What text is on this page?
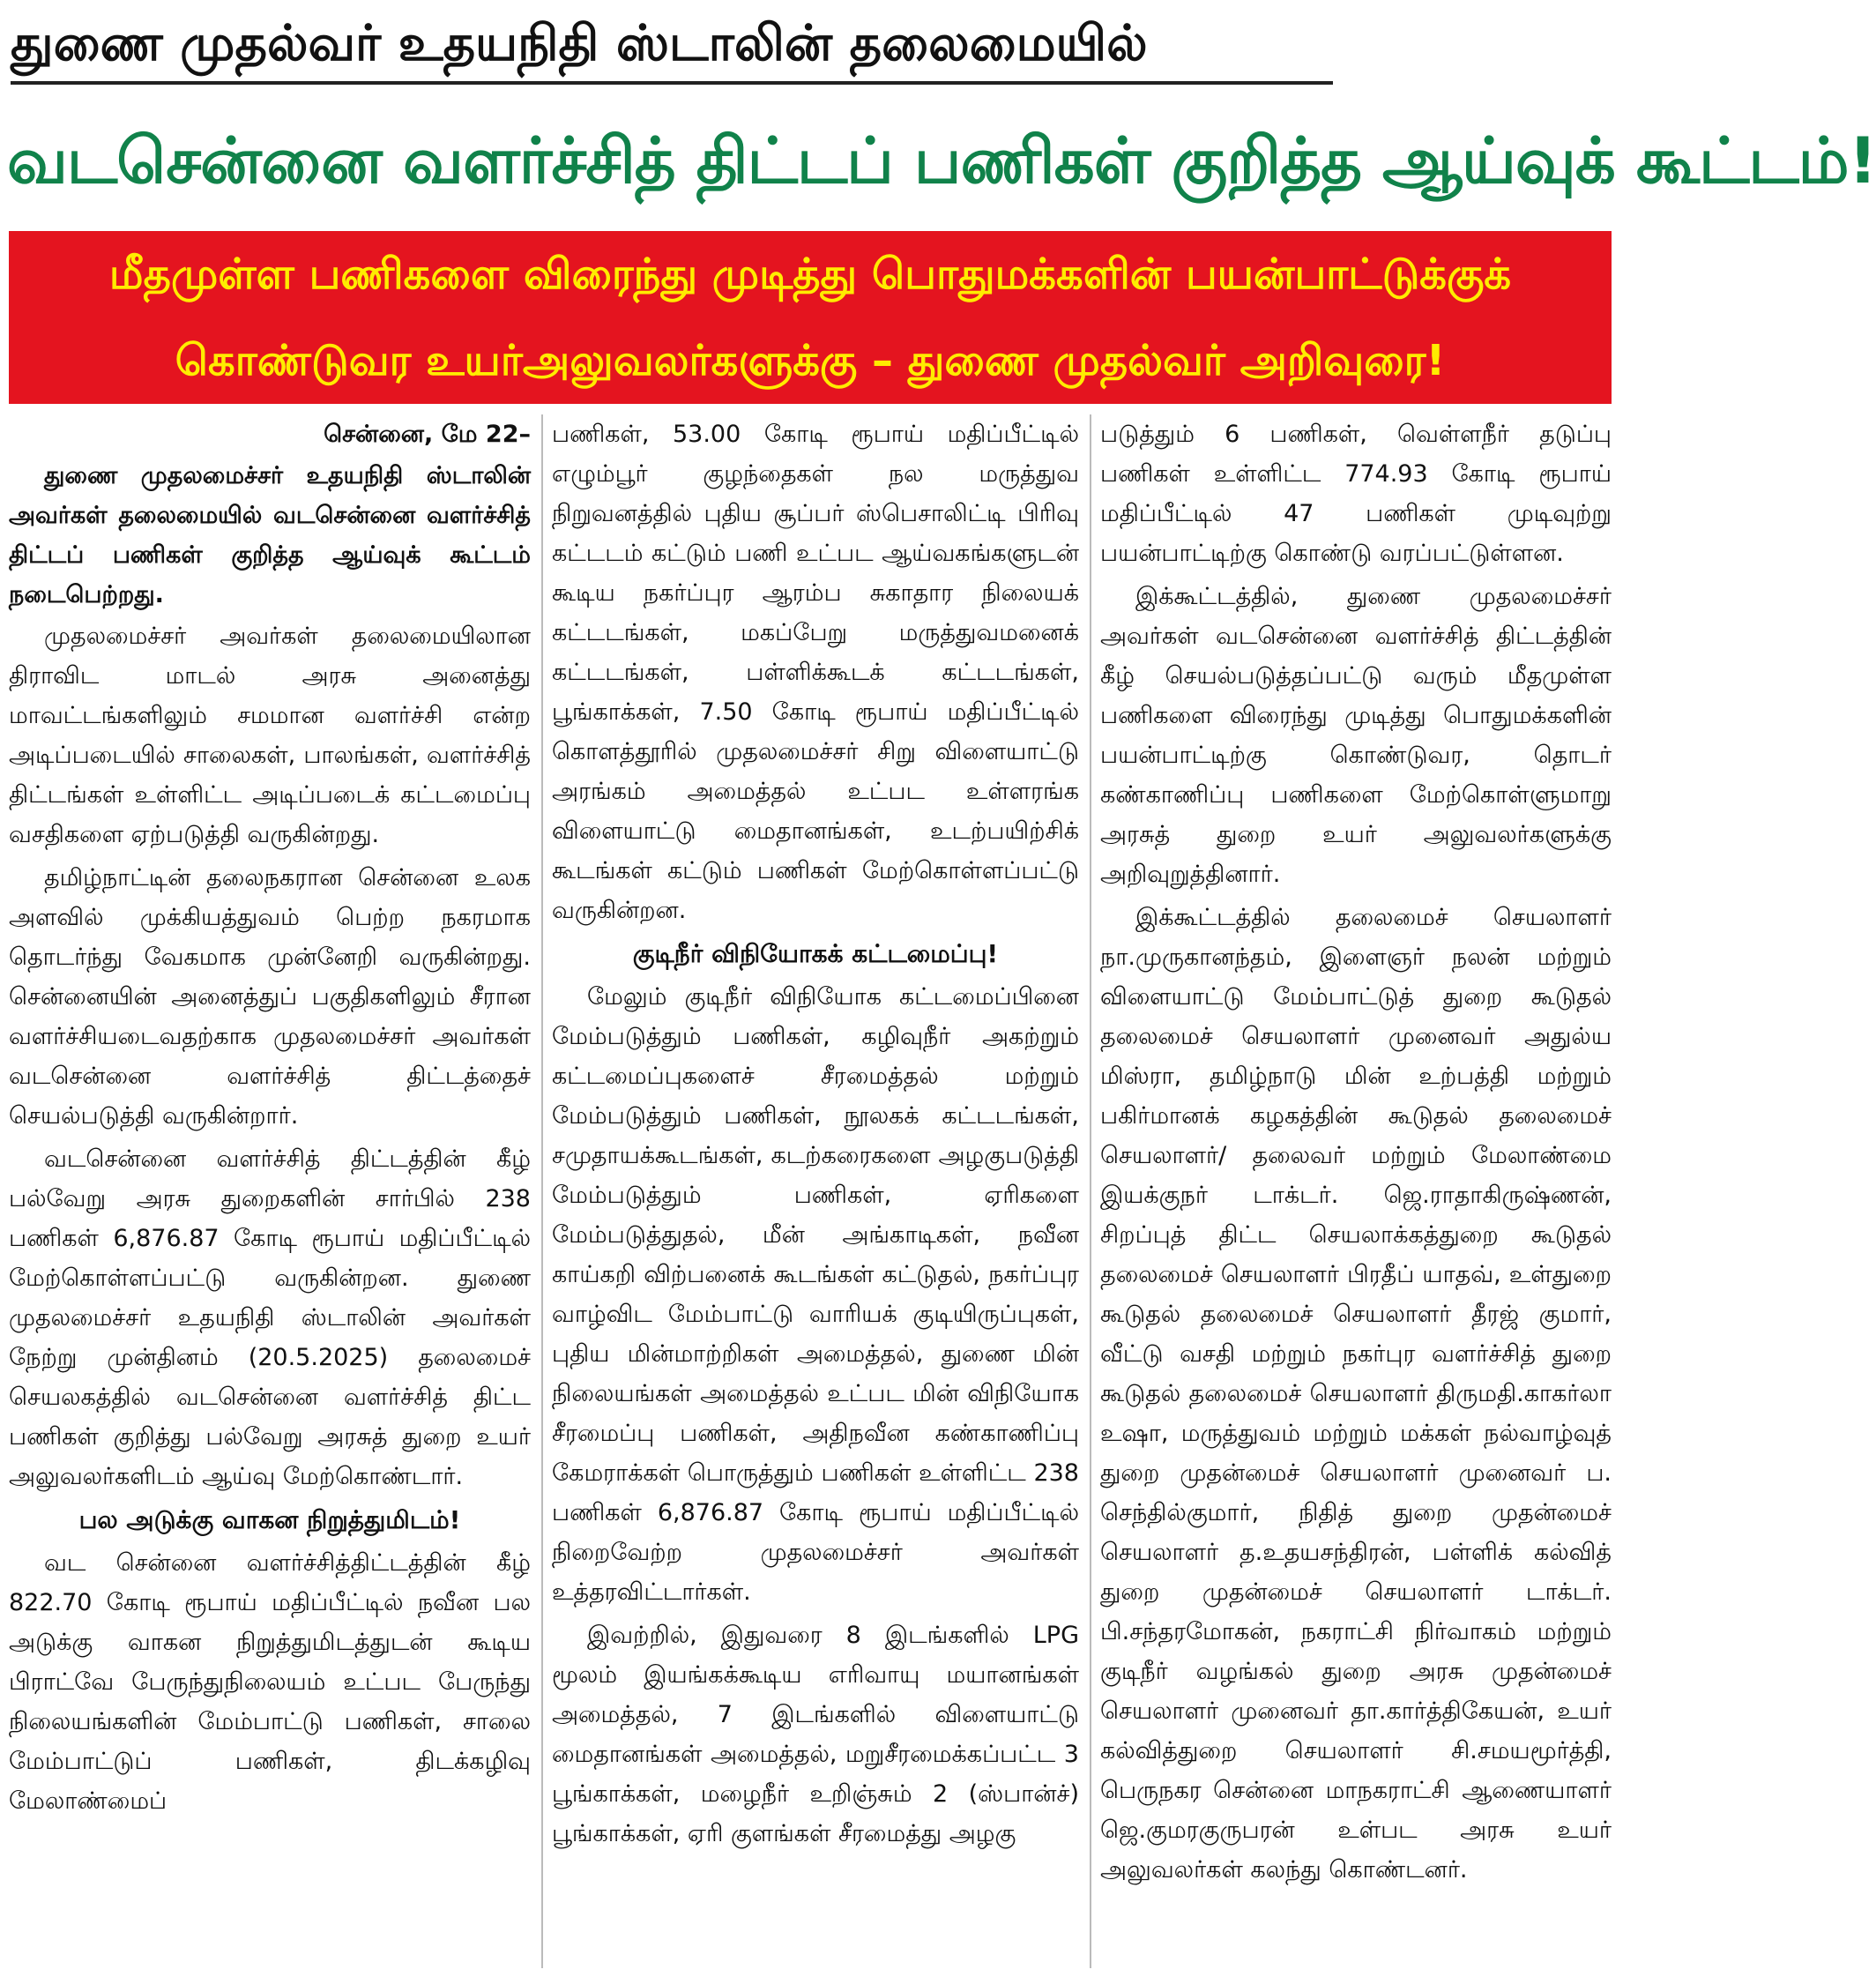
துணை முதல்வர் உதயநிதி ஸ்டாலின் தலைமையில்
வடசென்னை வளர்ச்சித் திட்டப் பணிகள் குறித்த ஆய்வுக் கூட்டம்!
மீதமுள்ள பணிகளை விரைந்து முடித்து பொதுமக்களின் பயன்பாட்டுக்குக்
கொண்டுவர உயர்அலுவலர்களுக்கு – துணை முதல்வர் அறிவுரை!
சென்னை, மே 22–
துணை முதலமைச்சர் உதயநிதி ஸ்டாலின் அவர்கள் தலைமையில் வடசென்னை வளர்ச்சித் திட்டப் பணிகள் குறித்த ஆய்வுக் கூட்டம் நடைபெற்றது.
முதலமைச்சர் அவர்கள் தலைமையிலான திராவிட மாடல் அரசு அனைத்து மாவட்டங்களிலும் சமமான வளர்ச்சி என்ற அடிப்படையில் சாலைகள், பாலங்கள், வளர்ச்சித் திட்டங்கள் உள்ளிட்ட அடிப்படைக் கட்டமைப்பு வசதிகளை ஏற்படுத்தி வருகின்றது.
தமிழ்நாட்டின் தலைநகரான சென்னை உலக அளவில் முக்கியத்துவம் பெற்ற நகரமாக தொடர்ந்து வேகமாக முன்னேறி வருகின்றது. சென்னையின் அனைத்துப் பகுதிகளிலும் சீரான வளர்ச்சியடைவதற்காக முதலமைச்சர் அவர்கள் வடசென்னை வளர்ச்சித் திட்டத்தைச் செயல்படுத்தி வருகின்றார்.
வடசென்னை வளர்ச்சித் திட்டத்தின் கீழ் பல்வேறு அரசு துறைகளின் சார்பில் 238 பணிகள் 6,876.87 கோடி ரூபாய் மதிப்பீட்டில் மேற்கொள்ளப்பட்டு வருகின்றன. துணை முதலமைச்சர் உதயநிதி ஸ்டாலின் அவர்கள் நேற்று முன்தினம் (20.5.2025) தலைமைச் செயலகத்தில் வடசென்னை வளர்ச்சித் திட்ட பணிகள் குறித்து பல்வேறு அரசுத் துறை உயர் அலுவலர்களிடம் ஆய்வு மேற்கொண்டார்.
பல அடுக்கு வாகன நிறுத்துமிடம்!
வட சென்னை வளர்ச்சித்திட்டத்தின் கீழ் 822.70 கோடி ரூபாய் மதிப்பீட்டில் நவீன பல அடுக்கு வாகன நிறுத்துமிடத்துடன் கூடிய பிராட்வே பேருந்துநிலையம் உட்பட பேருந்து நிலையங்களின் மேம்பாட்டு பணிகள், சாலை மேம்பாட்டுப் பணிகள், திடக்கழிவு மேலாண்மைப்
பணிகள், 53.00 கோடி ரூபாய் மதிப்பீட்டில் எழும்பூர் குழந்தைகள் நல மருத்துவ நிறுவனத்தில் புதிய சூப்பர் ஸ்பெசாலிட்டி பிரிவு கட்டடம் கட்டும் பணி உட்பட ஆய்வகங்களுடன் கூடிய நகர்ப்புர ஆரம்ப சுகாதார நிலையக் கட்டடங்கள், மகப்பேறு மருத்துவமனைக் கட்டடங்கள், பள்ளிக்கூடக் கட்டடங்கள், பூங்காக்கள், 7.50 கோடி ரூபாய் மதிப்பீட்டில் கொளத்தூரில் முதலமைச்சர் சிறு விளையாட்டு அரங்கம் அமைத்தல் உட்பட உள்ளரங்க விளையாட்டு மைதானங்கள், உடற்பயிற்சிக் கூடங்கள் கட்டும் பணிகள் மேற்கொள்ளப்பட்டு வருகின்றன.
குடிநீர் விநியோகக் கட்டமைப்பு!
மேலும் குடிநீர் விநியோக கட்டமைப்பினை மேம்படுத்தும் பணிகள், கழிவுநீர் அகற்றும் கட்டமைப்புகளைச் சீரமைத்தல் மற்றும் மேம்படுத்தும் பணிகள், நூலகக் கட்டடங்கள், சமுதாயக்கூடங்கள், கடற்கரைகளை அழகுபடுத்தி மேம்படுத்தும் பணிகள், ஏரிகளை மேம்படுத்துதல், மீன் அங்காடிகள், நவீன காய்கறி விற்பனைக் கூடங்கள் கட்டுதல், நகர்ப்புர வாழ்விட மேம்பாட்டு வாரியக் குடியிருப்புகள், புதிய மின்மாற்றிகள் அமைத்தல், துணை மின் நிலையங்கள் அமைத்தல் உட்பட மின் விநியோக சீரமைப்பு பணிகள், அதிநவீன கண்காணிப்பு கேமராக்கள் பொருத்தும் பணிகள் உள்ளிட்ட 238 பணிகள் 6,876.87 கோடி ரூபாய் மதிப்பீட்டில் நிறைவேற்ற முதலமைச்சர் அவர்கள் உத்தரவிட்டார்கள்.
இவற்றில், இதுவரை 8 இடங்களில் LPG மூலம் இயங்கக்கூடிய எரிவாயு மயானங்கள் அமைத்தல், 7 இடங்களில் விளையாட்டு மைதானங்கள் அமைத்தல், மறுசீரமைக்கப்பட்ட 3 பூங்காக்கள், மழைநீர் உறிஞ்சும் 2 (ஸ்பான்ச்) பூங்காக்கள், ஏரி குளங்கள் சீரமைத்து அழகு
படுத்தும் 6 பணிகள், வெள்ளநீர் தடுப்பு பணிகள் உள்ளிட்ட 774.93 கோடி ரூபாய் மதிப்பீட்டில் 47 பணிகள் முடிவுற்று பயன்பாட்டிற்கு கொண்டு வரப்பட்டுள்ளன.
இக்கூட்டத்தில், துணை முதலமைச்சர் அவர்கள் வடசென்னை வளர்ச்சித் திட்டத்தின் கீழ் செயல்படுத்தப்பட்டு வரும் மீதமுள்ள பணிகளை விரைந்து முடித்து பொதுமக்களின் பயன்பாட்டிற்கு கொண்டுவர, தொடர் கண்காணிப்பு பணிகளை மேற்கொள்ளுமாறு அரசுத் துறை உயர் அலுவலர்களுக்கு அறிவுறுத்தினார்.
இக்கூட்டத்தில் தலைமைச் செயலாளர் நா.முருகானந்தம், இளைஞர் நலன் மற்றும் விளையாட்டு மேம்பாட்டுத் துறை கூடுதல் தலைமைச் செயலாளர் முனைவர் அதுல்ய மிஸ்ரா, தமிழ்நாடு மின் உற்பத்தி மற்றும் பகிர்மானக் கழகத்தின் கூடுதல் தலைமைச் செயலாளர்/ தலைவர் மற்றும் மேலாண்மை இயக்குநர் டாக்டர். ஜெ.ராதாகிருஷ்ணன், சிறப்புத் திட்ட செயலாக்கத்துறை கூடுதல் தலைமைச் செயலாளர் பிரதீப் யாதவ், உள்துறை கூடுதல் தலைமைச் செயலாளர் தீரஜ் குமார், வீட்டு வசதி மற்றும் நகர்புர வளர்ச்சித் துறை கூடுதல் தலைமைச் செயலாளர் திருமதி.காகர்லா உஷா, மருத்துவம் மற்றும் மக்கள் நல்வாழ்வுத் துறை முதன்மைச் செயலாளர் முனைவர் ப. செந்தில்குமார், நிதித் துறை முதன்மைச் செயலாளர் த.உதயசந்திரன், பள்ளிக் கல்வித் துறை முதன்மைச் செயலாளர் டாக்டர். பி.சந்தரமோகன், நகராட்சி நிர்வாகம் மற்றும் குடிநீர் வழங்கல் துறை அரசு முதன்மைச் செயலாளர் முனைவர் தா.கார்த்திகேயன், உயர் கல்வித்துறை செயலாளர் சி.சமயமூர்த்தி, பெருநகர சென்னை மாநகராட்சி ஆணையாளர் ஜெ.குமரகுருபரன் உள்பட அரசு உயர் அலுவலர்கள் கலந்து கொண்டனர்.
